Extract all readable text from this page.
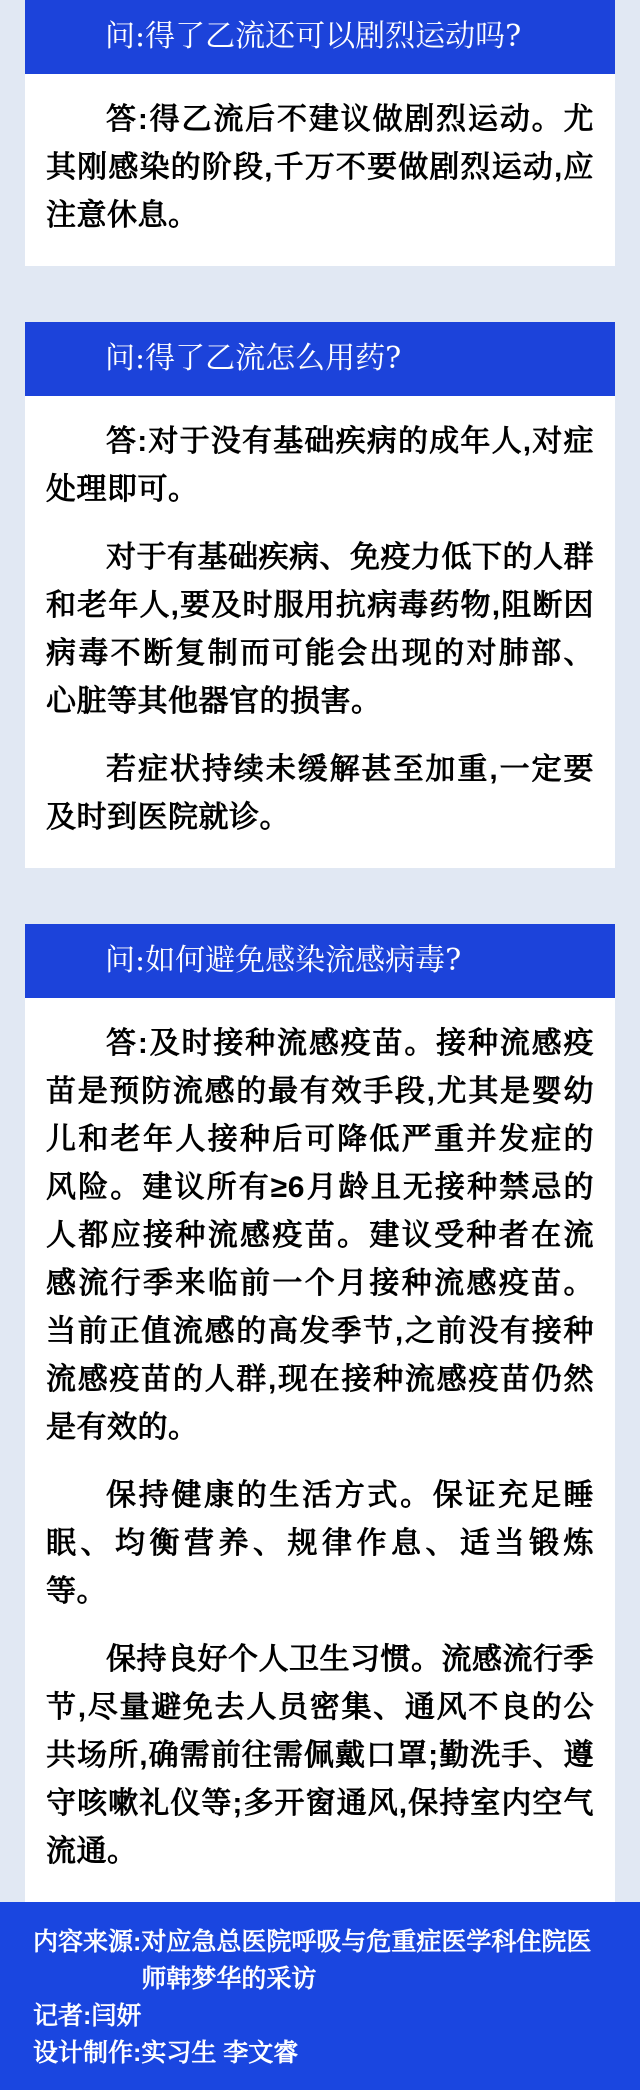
问:得了乙流还可以剧烈运动吗?

答:得乙流后不建议做剧烈运动。尤其刚感染的阶段,千万不要做剧烈运动,应注意休息。

问:得了乙流怎么用药?

答:对于没有基础疾病的成年人,对症处理即可。

对于有基础疾病、免疫力低下的人群和老年人,要及时服用抗病毒药物,阻断因病毒不断复制而可能会出现的对肺部、心脏等其他器官的损害。

若症状持续未缓解甚至加重,一定要及时到医院就诊。

问:如何避免感染流感病毒?

答:及时接种流感疫苗。接种流感疫苗是预防流感的最有效手段,尤其是婴幼儿和老年人接种后可降低严重并发症的风险。建议所有≥6月龄且无接种禁忌的人都应接种流感疫苗。建议受种者在流感流行季来临前一个月接种流感疫苗。当前正值流感的高发季节,之前没有接种流感疫苗的人群,现在接种流感疫苗仍然是有效的。

保持健康的生活方式。保证充足睡眠、均衡营养、规律作息、适当锻炼等。

保持良好个人卫生习惯。流感流行季节,尽量避免去人员密集、通风不良的公共场所,确需前往需佩戴口罩;勤洗手、遵守咳嗽礼仪等;多开窗通风,保持室内空气流通。

内容来源: 对应急总医院呼吸与危重症医学科住院医师韩梦华的采访
记者: 闫妍
设计制作: 实习生 李文睿
